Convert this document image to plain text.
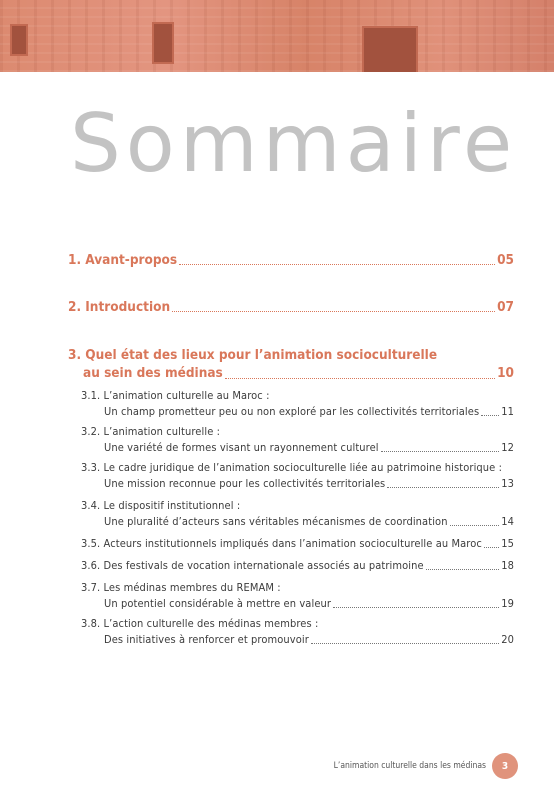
Sommaire
1. Avant-propos	05
2. Introduction	07
3. Quel état des lieux pour l’animation socioculturelle
au sein des médinas	10
3.1. L’animation culturelle au Maroc :
Un champ prometteur peu ou non exploré par les collectivités territoriales 11
3.2. L’animation culturelle :
Une variété de formes visant un rayonnement culturel	12
3.3. Le cadre juridique de l’animation socioculturelle liée au patrimoine historique :
Une mission reconnue pour les collectivités territoriales	13
3.4. Le dispositif institutionnel :
Une pluralité d’acteurs sans véritables mécanismes de coordination	14
3.5. Acteurs institutionnels impliqués dans l’animation socioculturelle au Maroc 15
3.6. Des festivals de vocation internationale associés au patrimoine	18
3.7. Les médinas membres du REMAM :
Un potentiel considérable à mettre en valeur	19
3.8. L’action culturelle des médinas membres :
Des initiatives à renforcer et promouvoir	20
L’animation culturelle dans les médinas 3
